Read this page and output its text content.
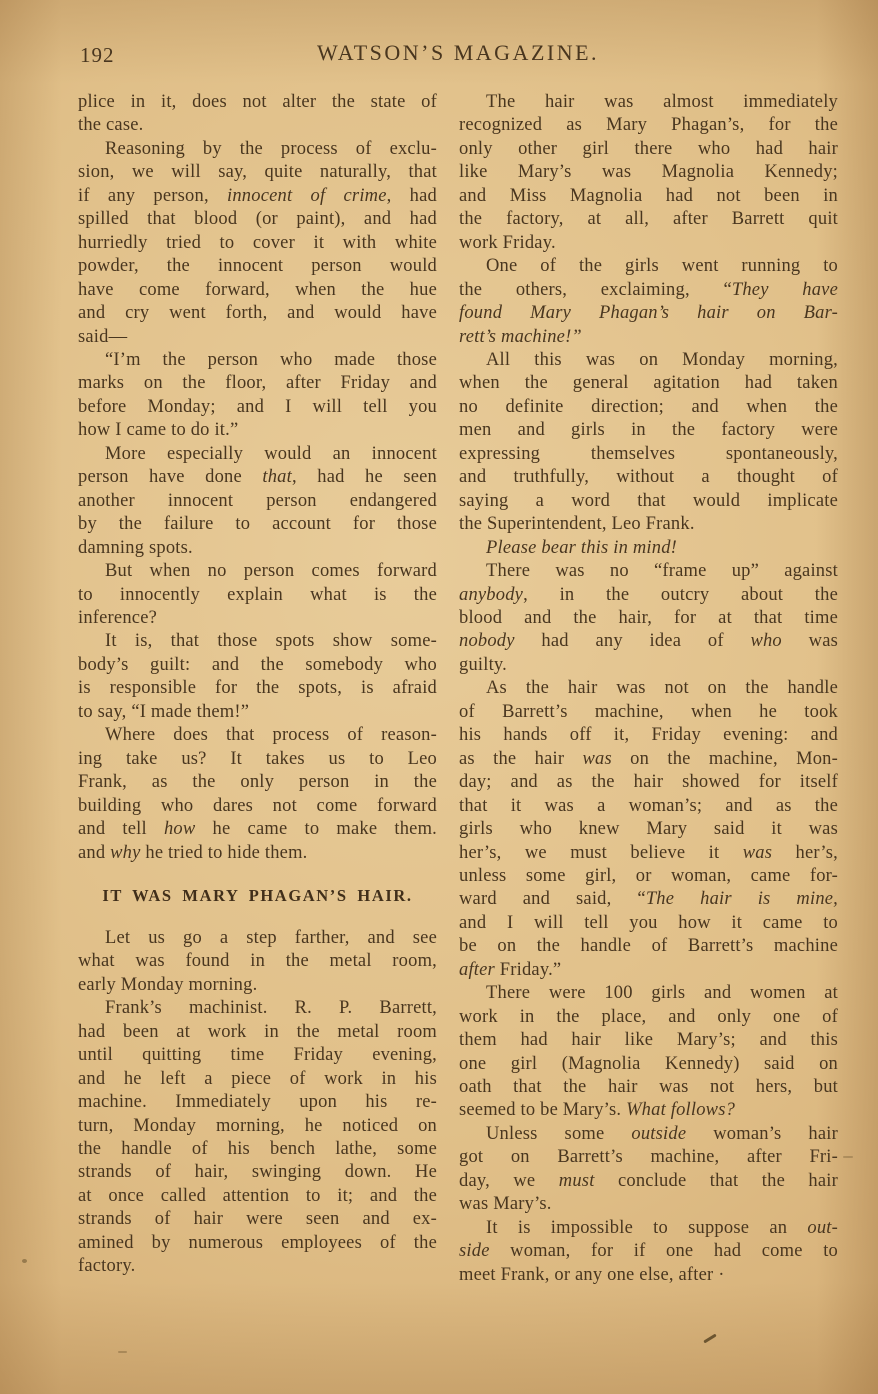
192	WATSON’S MAGAZINE.
plice in it, does not alter the state of
the case.
Reasoning by the process of exclu-
sion, we will say, quite naturally, that
if any person, innocent of crime, had
spilled that blood (or paint), and had
hurriedly tried to cover it with white
powder, the innocent person would
have come forward, when the hue
and cry went forth, and would have
said—
“I’m the person who made those
marks on the floor, after Friday and
before Monday; and I will tell you
how I came to do it.”
More especially would an innocent
person have done that, had he seen
another innocent person endangered
by the failure to account for those
damning spots.
But when no person comes forward
to innocently explain what is the
inference?
It is, that those spots show some-
body’s guilt: and the somebody who
is responsible for the spots, is afraid
to say, “I made them!”
Where does that process of reason-
ing take us? It takes us to Leo
Frank, as the only person in the
building who dares not come forward
and tell how he came to make them.
and why he tried to hide them.
IT WAS MARY PHAGAN’S HAIR.
Let us go a step farther, and see
what was found in the metal room,
early Monday morning.
Frank’s machinist. R. P. Barrett,
had been at work in the metal room
until quitting time Friday evening,
and he left a piece of work in his
machine. Immediately upon his re-
turn, Monday morning, he noticed on
the handle of his bench lathe, some
strands of hair, swinging down. He
at once called attention to it; and the
strands of hair were seen and ex-
amined by numerous employees of the
factory.
The hair was almost immediately
recognized as Mary Phagan’s, for the
only other girl there who had hair
like Mary’s was Magnolia Kennedy;
and Miss Magnolia had not been in
the factory, at all, after Barrett quit
work Friday.
One of the girls went running to
the others, exclaiming, “They have
found Mary Phagan’s hair on Bar-
rett’s machine!”
All this was on Monday morning,
when the general agitation had taken
no definite direction; and when the
men and girls in the factory were
expressing themselves spontaneously,
and truthfully, without a thought of
saying a word that would implicate
the Superintendent, Leo Frank.
Please bear this in mind!
There was no “frame up” against
anybody, in the outcry about the
blood and the hair, for at that time
nobody had any idea of who was
guilty.
As the hair was not on the handle
of Barrett’s machine, when he took
his hands off it, Friday evening: and
as the hair was on the machine, Mon-
day; and as the hair showed for itself
that it was a woman’s; and as the
girls who knew Mary said it was
her’s, we must believe it was her’s,
unless some girl, or woman, came for-
ward and said, “The hair is mine,
and I will tell you how it came to
be on the handle of Barrett’s machine
after Friday.”
There were 100 girls and women at
work in the place, and only one of
them had hair like Mary’s; and this
one girl (Magnolia Kennedy) said on
oath that the hair was not hers, but
seemed to be Mary’s. What follows?
Unless some outside woman’s hair
got on Barrett’s machine, after Fri-
day, we must conclude that the hair
was Mary’s.
It is impossible to suppose an out-
side woman, for if one had come to
meet Frank, or any one else, after ·
